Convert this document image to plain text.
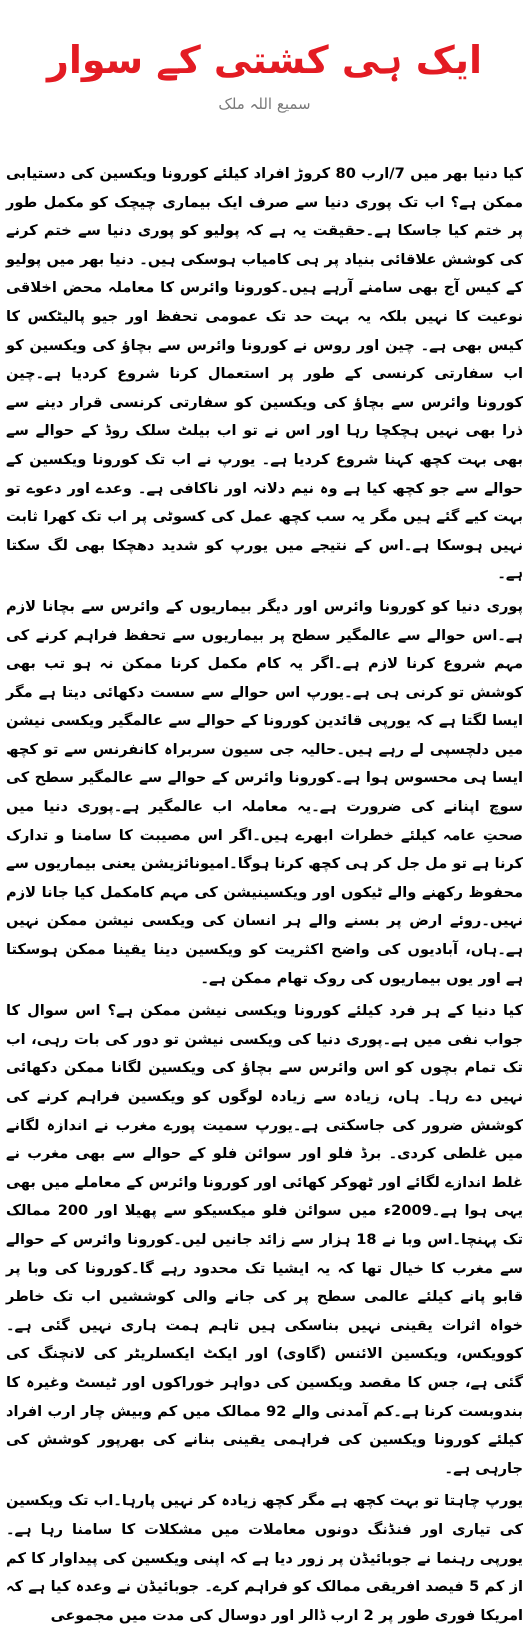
ایک ہی کشتی کے سوار
سمیع اللہ ملک

کیا دنیا بھر میں 7/ارب 80 کروڑ افراد کیلئے کورونا ویکسین کی دستیابی ممکن ہے؟ اب تک پوری دنیا سے صرف ایک بیماری چیچک کو مکمل طور پر ختم کیا جاسکا ہے۔حقیقت یہ ہے کہ پولیو کو پوری دنیا سے ختم کرنے کی کوشش علاقائی بنیاد پر ہی کامیاب ہوسکی ہیں۔ دنیا بھر میں پولیو کے کیس آج بھی سامنے آرہے ہیں۔کورونا وائرس کا معاملہ محض اخلاقی نوعیت کا نہیں بلکہ یہ بہت حد تک عمومی تحفظ اور جیو پالیٹکس کا کیس بھی ہے۔ چین اور روس نے کورونا وائرس سے بچاؤ کی ویکسین کو اب سفارتی کرنسی کے طور پر استعمال کرنا شروع کردیا ہے۔چین کورونا وائرس سے بچاؤ کی ویکسین کو سفارتی کرنسی قرار دینے سے ذرا بھی نہیں ہچکچا رہا اور اس نے تو اب بیلٹ سلک روڈ کے حوالے سے بھی بہت کچھ کہنا شروع کردیا ہے۔ یورپ نے اب تک کورونا ویکسین کے حوالے سے جو کچھ کیا ہے وہ نیم دلانہ اور ناکافی ہے۔ وعدے اور دعوے تو بہت کیے گئے ہیں مگر یہ سب کچھ عمل کی کسوٹی پر اب تک کھرا ثابت نہیں ہوسکا ہے۔اس کے نتیجے میں یورپ کو شدید دھچکا بھی لگ سکتا ہے۔

پوری دنیا کو کورونا وائرس اور دیگر بیماریوں کے وائرس سے بچانا لازم ہے۔اس حوالے سے عالمگیر سطح پر بیماریوں سے تحفظ فراہم کرنے کی مہم شروع کرنا لازم ہے۔اگر یہ کام مکمل کرنا ممکن نہ ہو تب بھی کوشش تو کرنی ہی ہے۔یورپ اس حوالے سے سست دکھائی دیتا ہے مگر ایسا لگتا ہے کہ یورپی قائدین کورونا کے حوالے سے عالمگیر ویکسی نیشن میں دلچسپی لے رہے ہیں۔حالیہ جی سیون سربراہ کانفرنس سے تو کچھ ایسا ہی محسوس ہوا ہے۔کورونا وائرس کے حوالے سے عالمگیر سطح کی سوچ اپنانے کی ضرورت ہے۔یہ معاملہ اب عالمگیر ہے۔پوری دنیا میں صحتِ عامہ کیلئے خطرات ابھرے ہیں۔اگر اس مصیبت کا سامنا و تدارک کرنا ہے تو مل جل کر ہی کچھ کرنا ہوگا۔امیونائزیشن یعنی بیماریوں سے محفوظ رکھنے والے ٹیکوں اور ویکسینیشن کی مہم کامکمل کیا جانا لازم نہیں۔روئے ارض پر بسنے والے ہر انسان کی ویکسی نیشن ممکن نہیں ہے۔ہاں، آبادیوں کی واضح اکثریت کو ویکسین دینا یقینا ممکن ہوسکتا ہے اور یوں بیماریوں کی روک تھام ممکن ہے۔

کیا دنیا کے ہر فرد کیلئے کورونا ویکسی نیشن ممکن ہے؟ اس سوال کا جواب نفی میں ہے۔پوری دنیا کی ویکسی نیشن تو دور کی بات رہی، اب تک تمام بچوں کو اس وائرس سے بچاؤ کی ویکسین لگانا ممکن دکھائی نہیں دے رہا۔ ہاں، زیادہ سے زیادہ لوگوں کو ویکسین فراہم کرنے کی کوشش ضرور کی جاسکتی ہے۔یورپ سمیت پورے مغرب نے اندازہ لگانے میں غلطی کردی۔ برڈ فلو اور سوائن فلو کے حوالے سے بھی مغرب نے غلط اندازے لگائے اور ٹھوکر کھائی اور کورونا وائرس کے معاملے میں بھی یہی ہوا ہے۔2009ء میں سوائن فلو میکسیکو سے پھیلا اور 200 ممالک تک پہنچا۔اس وبا نے 18 ہزار سے زائد جانیں لیں۔کورونا وائرس کے حوالے سے مغرب کا خیال تھا کہ یہ ایشیا تک محدود رہے گا۔کورونا کی وبا پر قابو پانے کیلئے عالمی سطح پر کی جانے والی کوششیں اب تک خاطر خواہ اثرات یقینی نہیں بناسکی ہیں تاہم ہمت ہاری نہیں گئی ہے۔کوویکس، ویکسین الائنس (گاوی) اور ایکٹ ایکسلریٹر کی لانچنگ کی گئی ہے، جس کا مقصد ویکسین کی دواہر خوراکوں اور ٹیسٹ وغیرہ کا بندوبست کرنا ہے۔کم آمدنی والے 92 ممالک میں کم وبیش چار ارب افراد کیلئے کورونا ویکسین کی فراہمی یقینی بنانے کی بھرپور کوشش کی جارہی ہے۔

یورپ چاہتا تو بہت کچھ ہے مگر کچھ زیادہ کر نہیں پارہا۔اب تک ویکسین کی تیاری اور فنڈنگ دونوں معاملات میں مشکلات کا سامنا رہا ہے۔یورپی رہنما نے جوبائیڈن پر زور دیا ہے کہ اپنی ویکسین کی پیداوار کا کم از کم 5 فیصد افریقی ممالک کو فراہم کرے۔ جوبائیڈن نے وعدہ کیا ہے کہ امریکا فوری طور پر 2 ارب ڈالر اور دوسال کی مدت میں مجموعی
